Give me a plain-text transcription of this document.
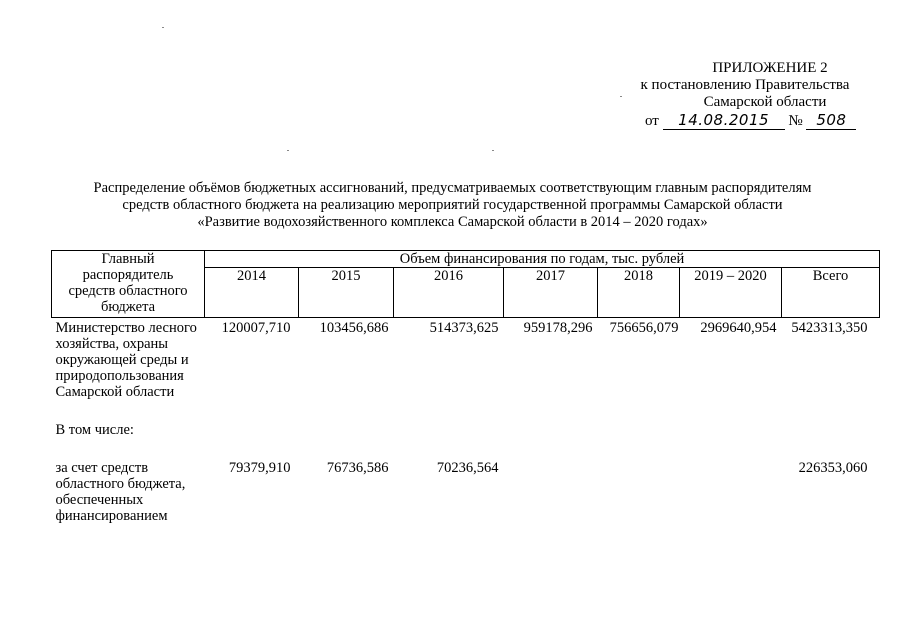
ПРИЛОЖЕНИЕ 2
к постановлению Правительства
Самарской области
от 14.08.2015 № 508
Распределение объёмов бюджетных ассигнований, предусматриваемых соответствующим главным распорядителям
средств областного бюджета на реализацию мероприятий государственной программы Самарской области
«Развитие водохозяйственного комплекса Самарской области в 2014 – 2020 годах»
Главный распорядитель средств областного бюджета	Объем финансирования по годам, тыс. рублей						
	2014	2015	2016	2017	2018	2019 – 2020	Всего
Министерство лесного хозяйства, охраны окружающей среды и природопользования Самарской области	120007,710	103456,686	514373,625	959178,296	756656,079	2969640,954	5423313,350

В том числе:							

за счет средств областного бюджета, обеспеченных финансированием	79379,910	76736,586	70236,564				226353,060
